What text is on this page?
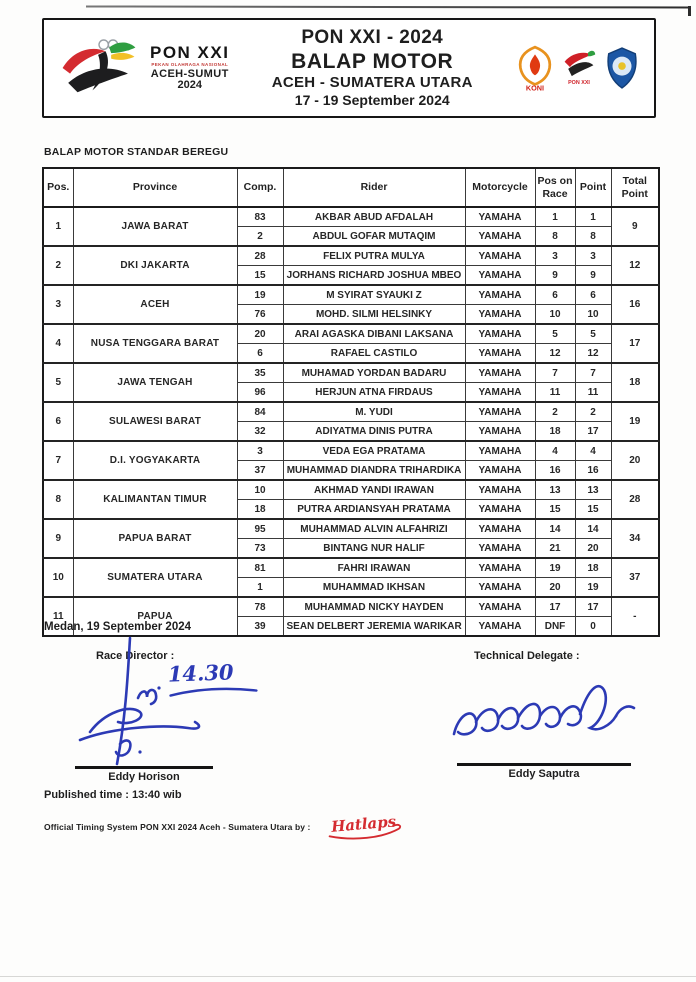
PON XXI
PEKAN OLAHRAGA NASIONAL
ACEH-SUMUT
2024
PON XXI - 2024
BALAP MOTOR
ACEH - SUMATERA UTARA
17 - 19 September 2024
KONI
PON XXI
BALAP MOTOR STANDAR BEREGU
Pos.	Province	Comp.	Rider	Motorcycle	Pos on Race	Point	Total Point
1	JAWA BARAT	83	AKBAR ABUD AFDALAH	YAMAHA	1	1	9
		2	ABDUL GOFAR MUTAQIM	YAMAHA	8	8	
2	DKI JAKARTA	28	FELIX PUTRA MULYA	YAMAHA	3	3	12
		15	JORHANS RICHARD JOSHUA MBEO	YAMAHA	9	9	
3	ACEH	19	M SYIRAT SYAUKI Z	YAMAHA	6	6	16
		76	MOHD. SILMI HELSINKY	YAMAHA	10	10	
4	NUSA TENGGARA BARAT	20	ARAI AGASKA DIBANI LAKSANA	YAMAHA	5	5	17
		6	RAFAEL CASTILO	YAMAHA	12	12	
5	JAWA TENGAH	35	MUHAMAD YORDAN BADARU	YAMAHA	7	7	18
		96	HERJUN ATNA FIRDAUS	YAMAHA	11	11	
6	SULAWESI BARAT	84	M. YUDI	YAMAHA	2	2	19
		32	ADIYATMA DINIS PUTRA	YAMAHA	18	17	
7	D.I. YOGYAKARTA	3	VEDA EGA PRATAMA	YAMAHA	4	4	20
		37	MUHAMMAD DIANDRA TRIHARDIKA	YAMAHA	16	16	
8	KALIMANTAN TIMUR	10	AKHMAD YANDI IRAWAN	YAMAHA	13	13	28
		18	PUTRA ARDIANSYAH PRATAMA	YAMAHA	15	15	
9	PAPUA BARAT	95	MUHAMMAD ALVIN ALFAHRIZI	YAMAHA	14	14	34
		73	BINTANG NUR HALIF	YAMAHA	21	20	
10	SUMATERA UTARA	81	FAHRI IRAWAN	YAMAHA	19	18	37
		1	MUHAMMAD IKHSAN	YAMAHA	20	19	
11	PAPUA	78	MUHAMMAD NICKY HAYDEN	YAMAHA	17	17	-
		39	SEAN DELBERT JEREMIA WARIKAR	YAMAHA	DNF	0	
Medan, 19 September 2024
Race Director :	Technical Delegate :
14.30
Eddy Horison	Eddy Saputra
Published time : 13:40 wib
Official Timing System PON XXI 2024 Aceh - Sumatera Utara by : Hatlaps
